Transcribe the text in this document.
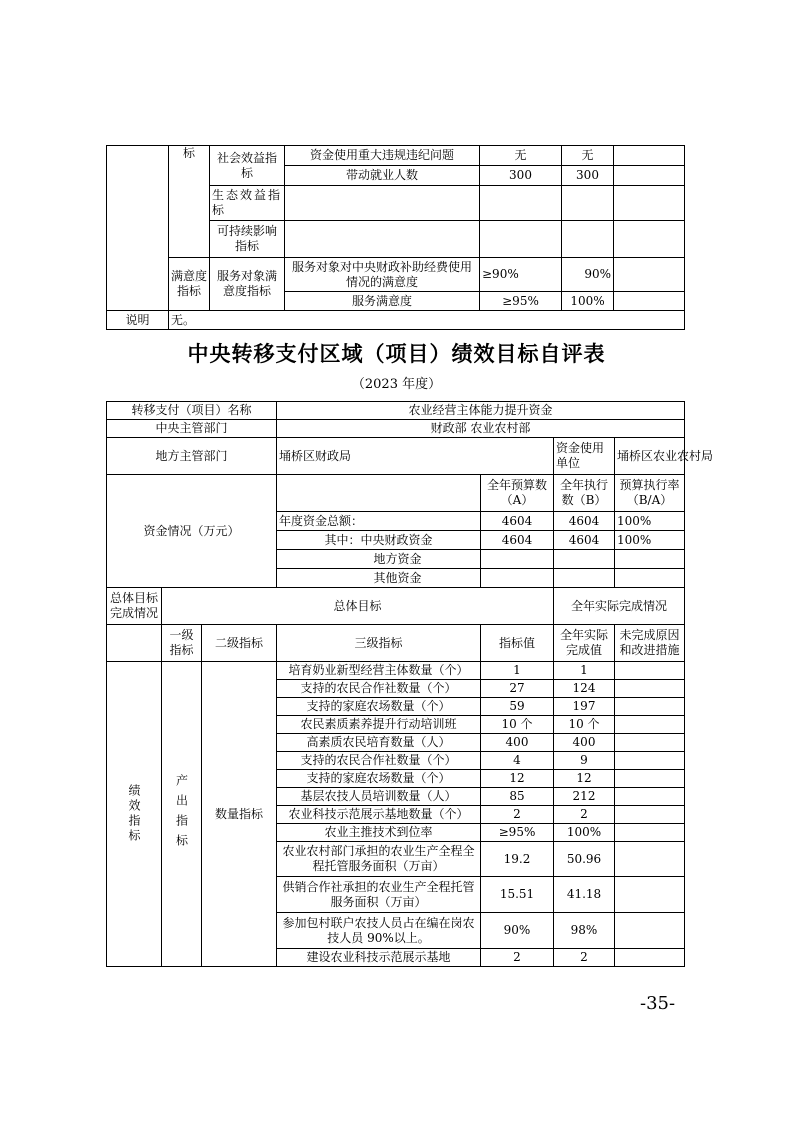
	标	社会效益指标	资金使用重大违规违纪问题	无	无	
			带动就业人数	300	300	
		生态效益指标				
		可持续影响指标				
	满意度指标	服务对象满意度指标	服务对象对中央财政补助经费使用情况的满意度	≥90%	90%	
			服务满意度	≥95%	100%	
说明	无。					
中央转移支付区域（项目）绩效目标自评表
（2023 年度）
转移支付（项目）名称			农业经营主体能力提升资金			
中央主管部门			财政部 农业农村部			
地方主管部门			埇桥区财政局		资金使用单位	埇桥区农业农村局
资金情况（万元）				全年预算数（A）	全年执行数（B）	预算执行率（B/A）
			年度资金总额：	4604	4604	100%
			其中：中央财政资金	4604	4604	100%
			地方资金			
			其他资金			
总体目标完成情况	总体目标				全年实际完成情况	
	一级指标	二级指标	三级指标	指标值	全年实际完成值	未完成原因和改进措施

绩效指标	产出指标	数量指标	培育奶业新型经营主体数量（个）	1	1	
			支持的农民合作社数量（个）	27	124	
			支持的家庭农场数量（个）	59	197	
			农民素质素养提升行动培训班	10 个	10 个	
			高素质农民培育数量（人）	400	400	
			支持的农民合作社数量（个）	4	9	
			支持的家庭农场数量（个）	12	12	
			基层农技人员培训数量（人）	85	212	
			农业科技示范展示基地数量（个）	2	2	
			农业主推技术到位率	≥95%	100%	
			农业农村部门承担的农业生产全程全程托管服务面积（万亩）	19.2	50.96	
			供销合作社承担的农业生产全程托管服务面积（万亩）	15.51	41.18	
			参加包村联户农技人员占在编在岗农技人员 90%以上。	90%	98%	
			建设农业科技示范展示基地	2	2	
-35-
